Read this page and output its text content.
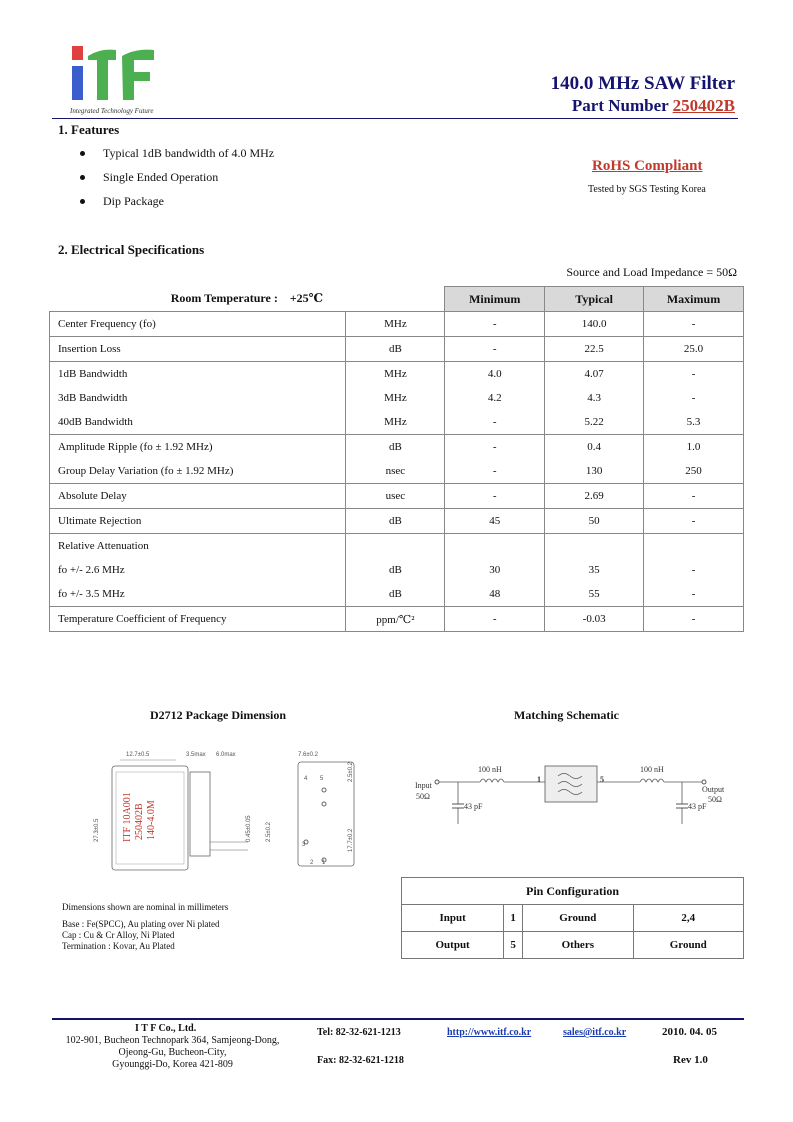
Integrated Technology Future
140.0 MHz SAW Filter
Part Number 250402B
1. Features
Typical 1dB bandwidth of 4.0 MHz
Single Ended Operation
Dip Package
RoHS Compliant
Tested by SGS Testing Korea
2. Electrical Specifications
Source and Load Impedance = 50Ω
Room Temperature : +25℃		Minimum	Typical	Maximum
Center Frequency (fo)	MHz	-	140.0	-
Insertion Loss	dB	-	22.5	25.0
1dB Bandwidth	MHz	4.0	4.07	-
3dB Bandwidth	MHz	4.2	4.3	-
40dB Bandwidth	MHz	-	5.22	5.3
Amplitude Ripple (fo ± 1.92 MHz)	dB	-	0.4	1.0
Group Delay Variation (fo ± 1.92 MHz)	nsec	-	130	250
Absolute Delay	usec	-	2.69	-
Ultimate Rejection	dB	45	50	-
Relative Attenuation				
fo +/- 2.6 MHz	dB	30	35	-
fo +/- 3.5 MHz	dB	48	55	-
Temperature Coefficient of Frequency	ppm/℃²	-	-0.03	-
D2712 Package Dimension
12.7±0.5	3.5max 6.0max
27.3±0.5 ITF 10A001 250402B 140-4.0M	0.45±0.05 2.5±0.2
7.6±0.2
4 5
3
2 1
2.5±0.2
17.7±0.2
Dimensions shown are nominal in millimeters
Base : Fe(SPCC), Au plating over Ni plated
Cap : Cu & Cr Alloy, Ni Plated
Termination : Kovar, Au Plated
Matching Schematic
Input
50Ω
100 nH
43 pF
1	5
100 nH
Output
50Ω
43 pF
Pin Configuration			
Input	1	Ground	2,4
Output	5	Others	Ground
I T F Co., Ltd.
102-901, Bucheon Technopark 364, Samjeong-Dong,
Ojeong-Gu, Bucheon-City,
Gyounggi-Do, Korea 421-809
Tel: 82-32-621-1213
Fax: 82-32-621-1218
http://www.itf.co.kr	sales@itf.co.kr	2010. 04. 05
Rev 1.0
